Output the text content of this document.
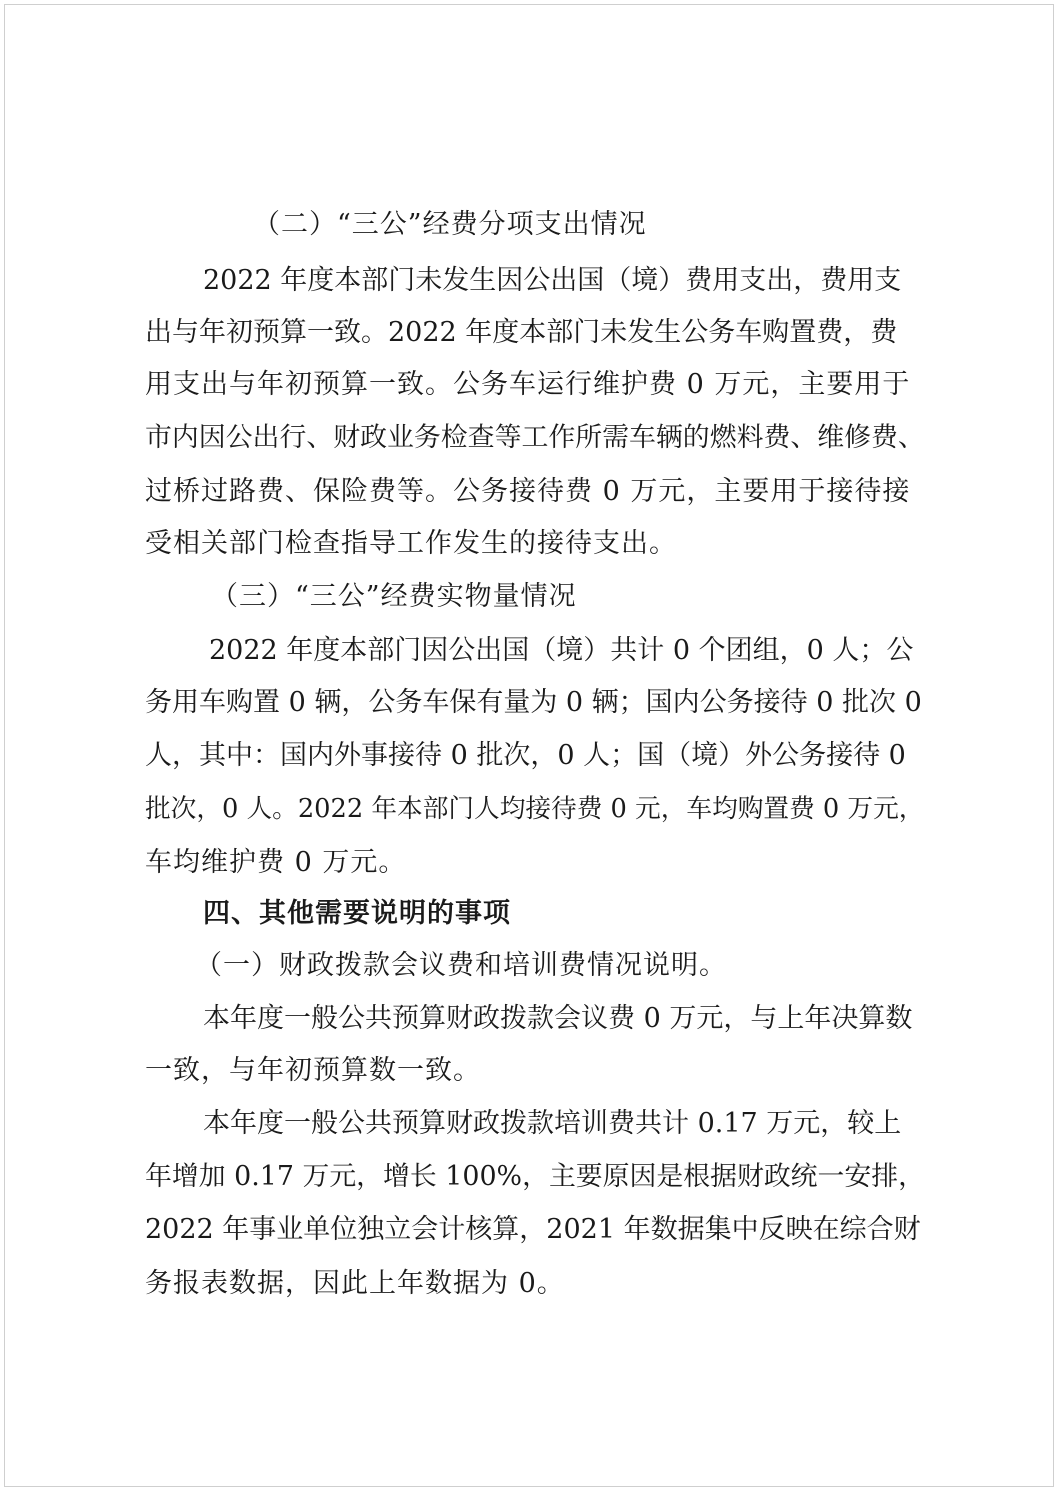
（二）“三公”经费分项支出情况
2022 年度本部门未发生因公出国（境）费用支出，费用支
出与年初预算一致。2022 年度本部门未发生公务车购置费，费
用支出与年初预算一致。公务车运行维护费 0 万元，主要用于
市内因公出行、财政业务检查等工作所需车辆的燃料费、维修费、
过桥过路费、保险费等。公务接待费 0 万元，主要用于接待接
受相关部门检查指导工作发生的接待支出。
（三）“三公”经费实物量情况
2022 年度本部门因公出国（境）共计 0 个团组，0 人；公
务用车购置 0 辆，公务车保有量为 0 辆；国内公务接待 0 批次 0
人，其中：国内外事接待 0 批次，0 人；国（境）外公务接待 0
批次，0 人。2022 年本部门人均接待费 0 元，车均购置费 0 万元，
车均维护费 0 万元。
四、其他需要说明的事项
（一）财政拨款会议费和培训费情况说明。
本年度一般公共预算财政拨款会议费 0 万元，与上年决算数
一致，与年初预算数一致。
本年度一般公共预算财政拨款培训费共计 0.17 万元，较上
年增加 0.17 万元，增长 100%，主要原因是根据财政统一安排，
2022 年事业单位独立会计核算，2021 年数据集中反映在综合财
务报表数据，因此上年数据为 0。
